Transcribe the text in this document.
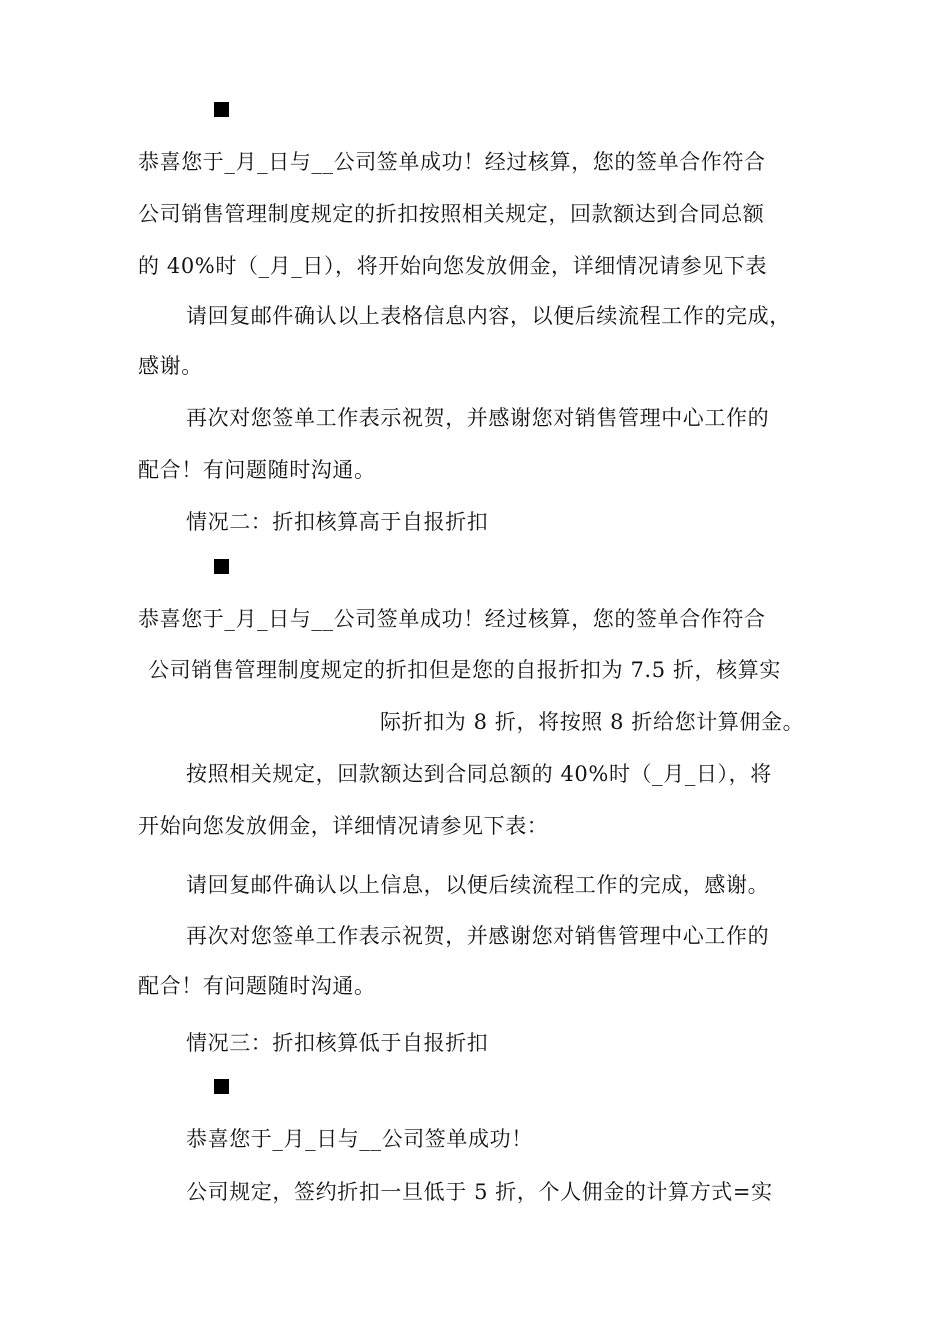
恭喜您于_月_日与__公司签单成功！经过核算，您的签单合作符合
公司销售管理制度规定的折扣按照相关规定，回款额达到合同总额
的 40%时（_月_日），将开始向您发放佣金，详细情况请参见下表
请回复邮件确认以上表格信息内容，以便后续流程工作的完成，
感谢。
再次对您签单工作表示祝贺，并感谢您对销售管理中心工作的
配合！有问题随时沟通。
情况二：折扣核算高于自报折扣
恭喜您于_月_日与__公司签单成功！经过核算，您的签单合作符合
公司销售管理制度规定的折扣但是您的自报折扣为 7.5 折，核算实
际折扣为 8 折，将按照 8 折给您计算佣金。
按照相关规定，回款额达到合同总额的 40%时（_月_日），将
开始向您发放佣金，详细情况请参见下表：
请回复邮件确认以上信息，以便后续流程工作的完成，感谢。
再次对您签单工作表示祝贺，并感谢您对销售管理中心工作的
配合！有问题随时沟通。
情况三：折扣核算低于自报折扣
恭喜您于_月_日与__公司签单成功！
公司规定，签约折扣一旦低于 5 折，个人佣金的计算方式=实
